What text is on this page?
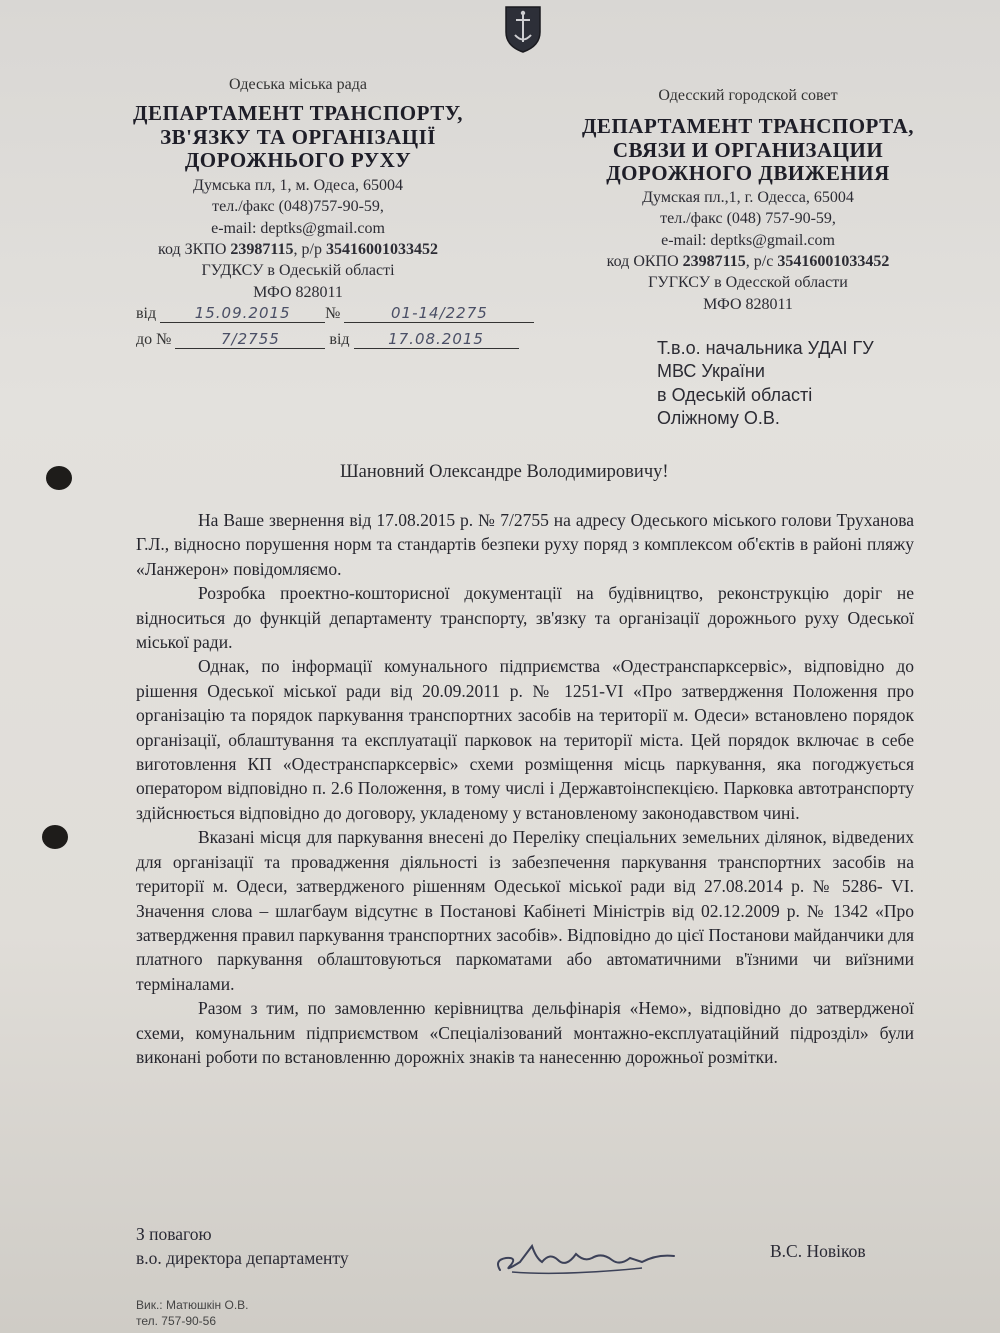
Одеська міська рада
ДЕПАРТАМЕНТ ТРАНСПОРТУ,
ЗВ'ЯЗКУ ТА ОРГАНІЗАЦІЇ
ДОРОЖНЬОГО РУХУ
Думська пл, 1, м. Одеса, 65004
тел./факс (048)757-90-59,
e-mail: deptks@gmail.com
код ЗКПО 23987115, р/р 35416001033452
ГУДКСУ в Одеській області
МФО 828011
Одесский городской совет
ДЕПАРТАМЕНТ ТРАНСПОРТА,
СВЯЗИ И ОРГАНИЗАЦИИ
ДОРОЖНОГО ДВИЖЕНИЯ
Думская пл.,1, г. Одесса, 65004
тел./факс (048) 757-90-59,
e-mail: deptks@gmail.com
код ОКПО 23987115, р/с 35416001033452
ГУГКСУ в Одесской области
МФО 828011
від	15.09.2015 №	01-14/2275
до №	7/2755	від	17.08.2015	Т.в.о. начальника УДАІ ГУ
МВС України
в Одеській області
Оліжному О.В.
Шановний Олександре Володимировичу!

На Ваше звернення від 17.08.2015 р. № 7/2755 на адресу Одеського міського голови Труханова Г.Л., відносно порушення норм та стандартів безпеки руху поряд з комплексом об'єктів в районі пляжу «Ланжерон» повідомляємо.

Розробка проектно-кошторисної документації на будівництво, реконструкцію доріг не відноситься до функцій департаменту транспорту, зв'язку та організації дорожнього руху Одеської міської ради.

Однак, по інформації комунального підприємства «Одестранспарксервіс», відповідно до рішення Одеської міської ради від 20.09.2011 р. № 1251-VI «Про затвердження Положення про організацію та порядок паркування транспортних засобів на території м. Одеси» встановлено порядок організації, облаштування та експлуатації парковок на території міста. Цей порядок включає в себе виготовлення КП «Одестранспарксервіс» схеми розміщення місць паркування, яка погоджується оператором відповідно п. 2.6 Положення, в тому числі і Державтоінспекцією. Парковка автотранспорту здійснюється відповідно до договору, укладеному у встановленому законодавством чині.

Вказані місця для паркування внесені до Переліку спеціальних земельних ділянок, відведених для організації та провадження діяльності із забезпечення паркування транспортних засобів на території м. Одеси, затвердженого рішенням Одеської міської ради від 27.08.2014 р. № 5286- VI. Значення слова – шлагбаум відсутнє в Постанові Кабінеті Міністрів від 02.12.2009 р. № 1342 «Про затвердження правил паркування транспортних засобів». Відповідно до цієї Постанови майданчики для платного паркування облаштовуються паркоматами або автоматичними в'їзними чи виїзними терміналами.

Разом з тим, по замовленню керівництва дельфінарія «Немо», відповідно до затвердженої схеми, комунальним підприємством «Спеціалізований монтажно-експлуатаційний підрозділ» були виконані роботи по встановленню дорожніх знаків та нанесенню дорожньої розмітки.

З повагою
в.о. директора департаменту	В.С. Новіков
Вик.: Матюшкін О.В.
тел. 757-90-56
